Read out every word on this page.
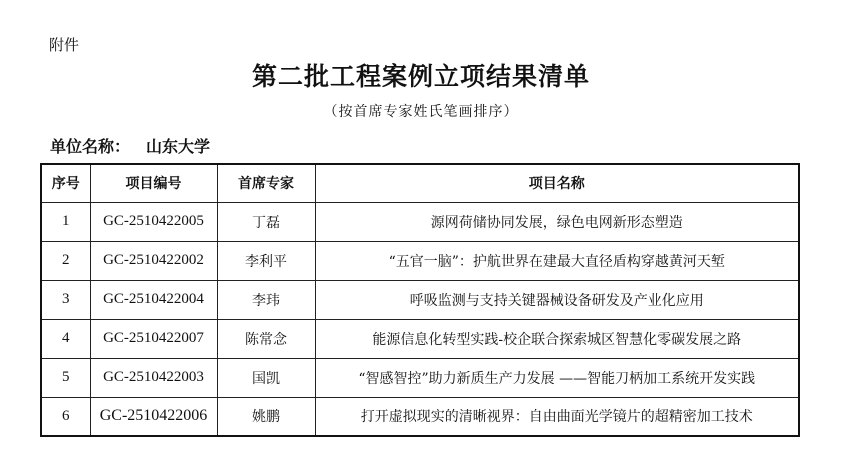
附件
第二批工程案例立项结果清单
（按首席专家姓氏笔画排序）
单位名称： 山东大学
序号	项目编号	首席专家	项目名称
1	GC-2510422005	丁磊	源网荷储协同发展，绿色电网新形态塑造
2	GC-2510422002	李利平	“五官一脑”：护航世界在建最大直径盾构穿越黄河天堑
3	GC-2510422004	李玮	呼吸监测与支持关键器械设备研发及产业化应用
4	GC-2510422007	陈常念	能源信息化转型实践-校企联合探索城区智慧化零碳发展之路
5	GC-2510422003	国凯	“智感智控”助力新质生产力发展 ——智能刀柄加工系统开发实践
6	GC-2510422006	姚鹏	打开虚拟现实的清晰视界：自由曲面光学镜片的超精密加工技术
